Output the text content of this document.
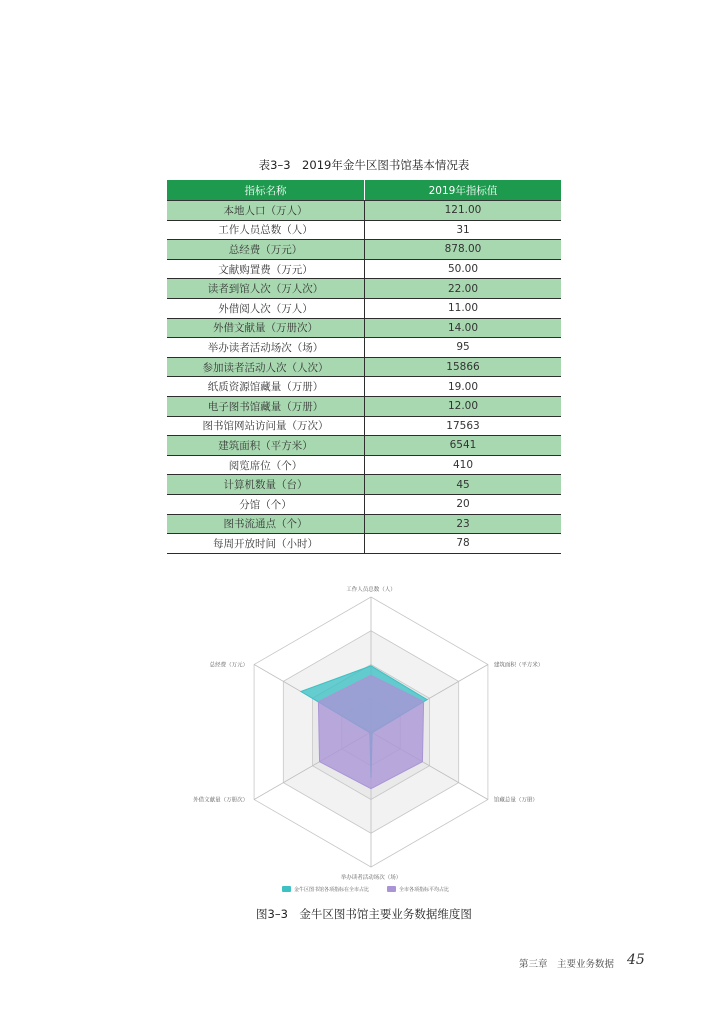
表3–3　2019年金牛区图书馆基本情况表
指标名称	2019年指标值
本地人口（万人）	121.00
工作人员总数（人）	31
总经费（万元）	878.00
文献购置费（万元）	50.00
读者到馆人次（万人次）	22.00
外借阅人次（万人）	11.00
外借文献量（万册次）	14.00
举办读者活动场次（场）	95
参加读者活动人次（人次）	15866
纸质资源馆藏量（万册）	19.00
电子图书馆藏量（万册）	12.00
图书馆网站访问量（万次）	17563
建筑面积（平方米）	6541
阅览席位（个）	410
计算机数量（台）	45
分馆（个）	20
图书流通点（个）	23
每周开放时间（小时）	78
工作人员总数（人）
建筑面积（平方米）
馆藏总量（万册）
举办读者活动场次（场）
外借文献量（万册次）
总经费（万元）
金牛区图书馆各项指标在全市占比	全市各项指标平均占比
图3–3　金牛区图书馆主要业务数据维度图
第三章　主要业务数据 45
